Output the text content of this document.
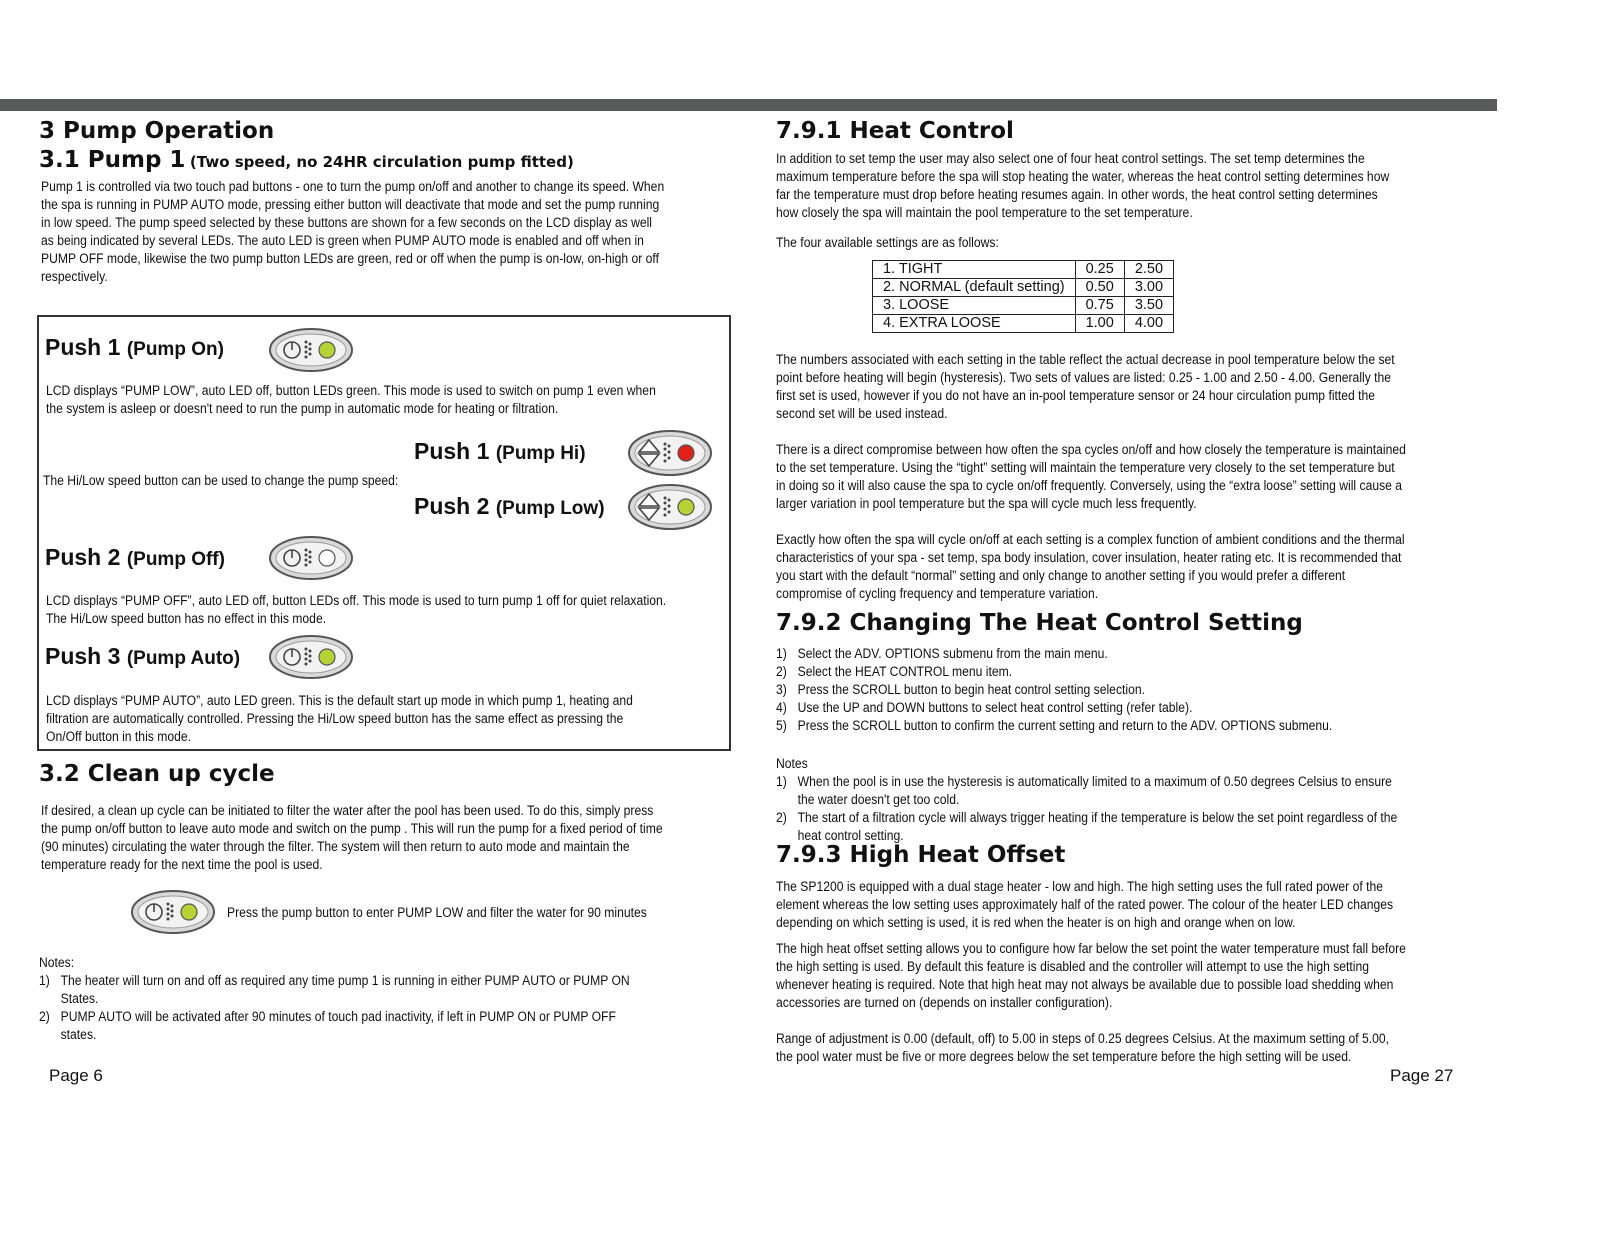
3 Pump Operation
3.1 Pump 1 (Two speed, no 24HR circulation pump fitted)
Pump 1 is controlled via two touch pad buttons - one to turn the pump on/off and another to change its speed. When
the spa is running in PUMP AUTO mode, pressing either button will deactivate that mode and set the pump running
in low speed. The pump speed selected by these buttons are shown for a few seconds on the LCD display as well
as being indicated by several LEDs. The auto LED is green when PUMP AUTO mode is enabled and off when in
PUMP OFF mode, likewise the two pump button LEDs are green, red or off when the pump is on-low, on-high or off
respectively.
Push 1 (Pump On)
LCD displays “PUMP LOW”, auto LED off, button LEDs green. This mode is used to switch on pump 1 even when
the system is asleep or doesn't need to run the pump in automatic mode for heating or filtration.
Push 1 (Pump Hi)
The Hi/Low speed button can be used to change the pump speed:
Push 2 (Pump Low)
Push 2 (Pump Off)
LCD displays “PUMP OFF”, auto LED off, button LEDs off. This mode is used to turn pump 1 off for quiet relaxation.
The Hi/Low speed button has no effect in this mode.
Push 3 (Pump Auto)
LCD displays “PUMP AUTO”, auto LED green. This is the default start up mode in which pump 1, heating and
filtration are automatically controlled. Pressing the Hi/Low speed button has the same effect as pressing the
On/Off button in this mode.
3.2 Clean up cycle
If desired, a clean up cycle can be initiated to filter the water after the pool has been used. To do this, simply press
the pump on/off button to leave auto mode and switch on the pump . This will run the pump for a fixed period of time
(90 minutes) circulating the water through the filter. The system will then return to auto mode and maintain the
temperature ready for the next time the pool is used.
Press the pump button to enter PUMP LOW and filter the water for 90 minutes
Notes:
1) The heater will turn on and off as required any time pump 1 is running in either PUMP AUTO or PUMP ON
States.
2) PUMP AUTO will be activated after 90 minutes of touch pad inactivity, if left in PUMP ON or PUMP OFF
states.
Page 6
7.9.1 Heat Control
In addition to set temp the user may also select one of four heat control settings. The set temp determines the
maximum temperature before the spa will stop heating the water, whereas the heat control setting determines how
far the temperature must drop before heating resumes again. In other words, the heat control setting determines
how closely the spa will maintain the pool temperature to the set temperature.
The four available settings are as follows:
1. TIGHT	0.25	2.50
2. NORMAL (default setting)	0.50	3.00
3. LOOSE	0.75	3.50
4. EXTRA LOOSE	1.00	4.00
The numbers associated with each setting in the table reflect the actual decrease in pool temperature below the set
point before heating will begin (hysteresis). Two sets of values are listed: 0.25 - 1.00 and 2.50 - 4.00. Generally the
first set is used, however if you do not have an in-pool temperature sensor or 24 hour circulation pump fitted the
second set will be used instead.
There is a direct compromise between how often the spa cycles on/off and how closely the temperature is maintained
to the set temperature. Using the “tight” setting will maintain the temperature very closely to the set temperature but
in doing so it will also cause the spa to cycle on/off frequently. Conversely, using the “extra loose” setting will cause a
larger variation in pool temperature but the spa will cycle much less frequently.
Exactly how often the spa will cycle on/off at each setting is a complex function of ambient conditions and the thermal
characteristics of your spa - set temp, spa body insulation, cover insulation, heater rating etc. It is recommended that
you start with the default “normal” setting and only change to another setting if you would prefer a different
compromise of cycling frequency and temperature variation.
7.9.2 Changing The Heat Control Setting
1) Select the ADV. OPTIONS submenu from the main menu.
2) Select the HEAT CONTROL menu item.
3) Press the SCROLL button to begin heat control setting selection.
4) Use the UP and DOWN buttons to select heat control setting (refer table).
5) Press the SCROLL button to confirm the current setting and return to the ADV. OPTIONS submenu.
Notes
1) When the pool is in use the hysteresis is automatically limited to a maximum of 0.50 degrees Celsius to ensure
the water doesn't get too cold.
2) The start of a filtration cycle will always trigger heating if the temperature is below the set point regardless of the
heat control setting.
7.9.3 High Heat Offset
The SP1200 is equipped with a dual stage heater - low and high. The high setting uses the full rated power of the
element whereas the low setting uses approximately half of the rated power. The colour of the heater LED changes
depending on which setting is used, it is red when the heater is on high and orange when on low.
The high heat offset setting allows you to configure how far below the set point the water temperature must fall before
the high setting is used. By default this feature is disabled and the controller will attempt to use the high setting
whenever heating is required. Note that high heat may not always be available due to possible load shedding when
accessories are turned on (depends on installer configuration).
Range of adjustment is 0.00 (default, off) to 5.00 in steps of 0.25 degrees Celsius. At the maximum setting of 5.00,
the pool water must be five or more degrees below the set temperature before the high setting will be used.
Page 27
